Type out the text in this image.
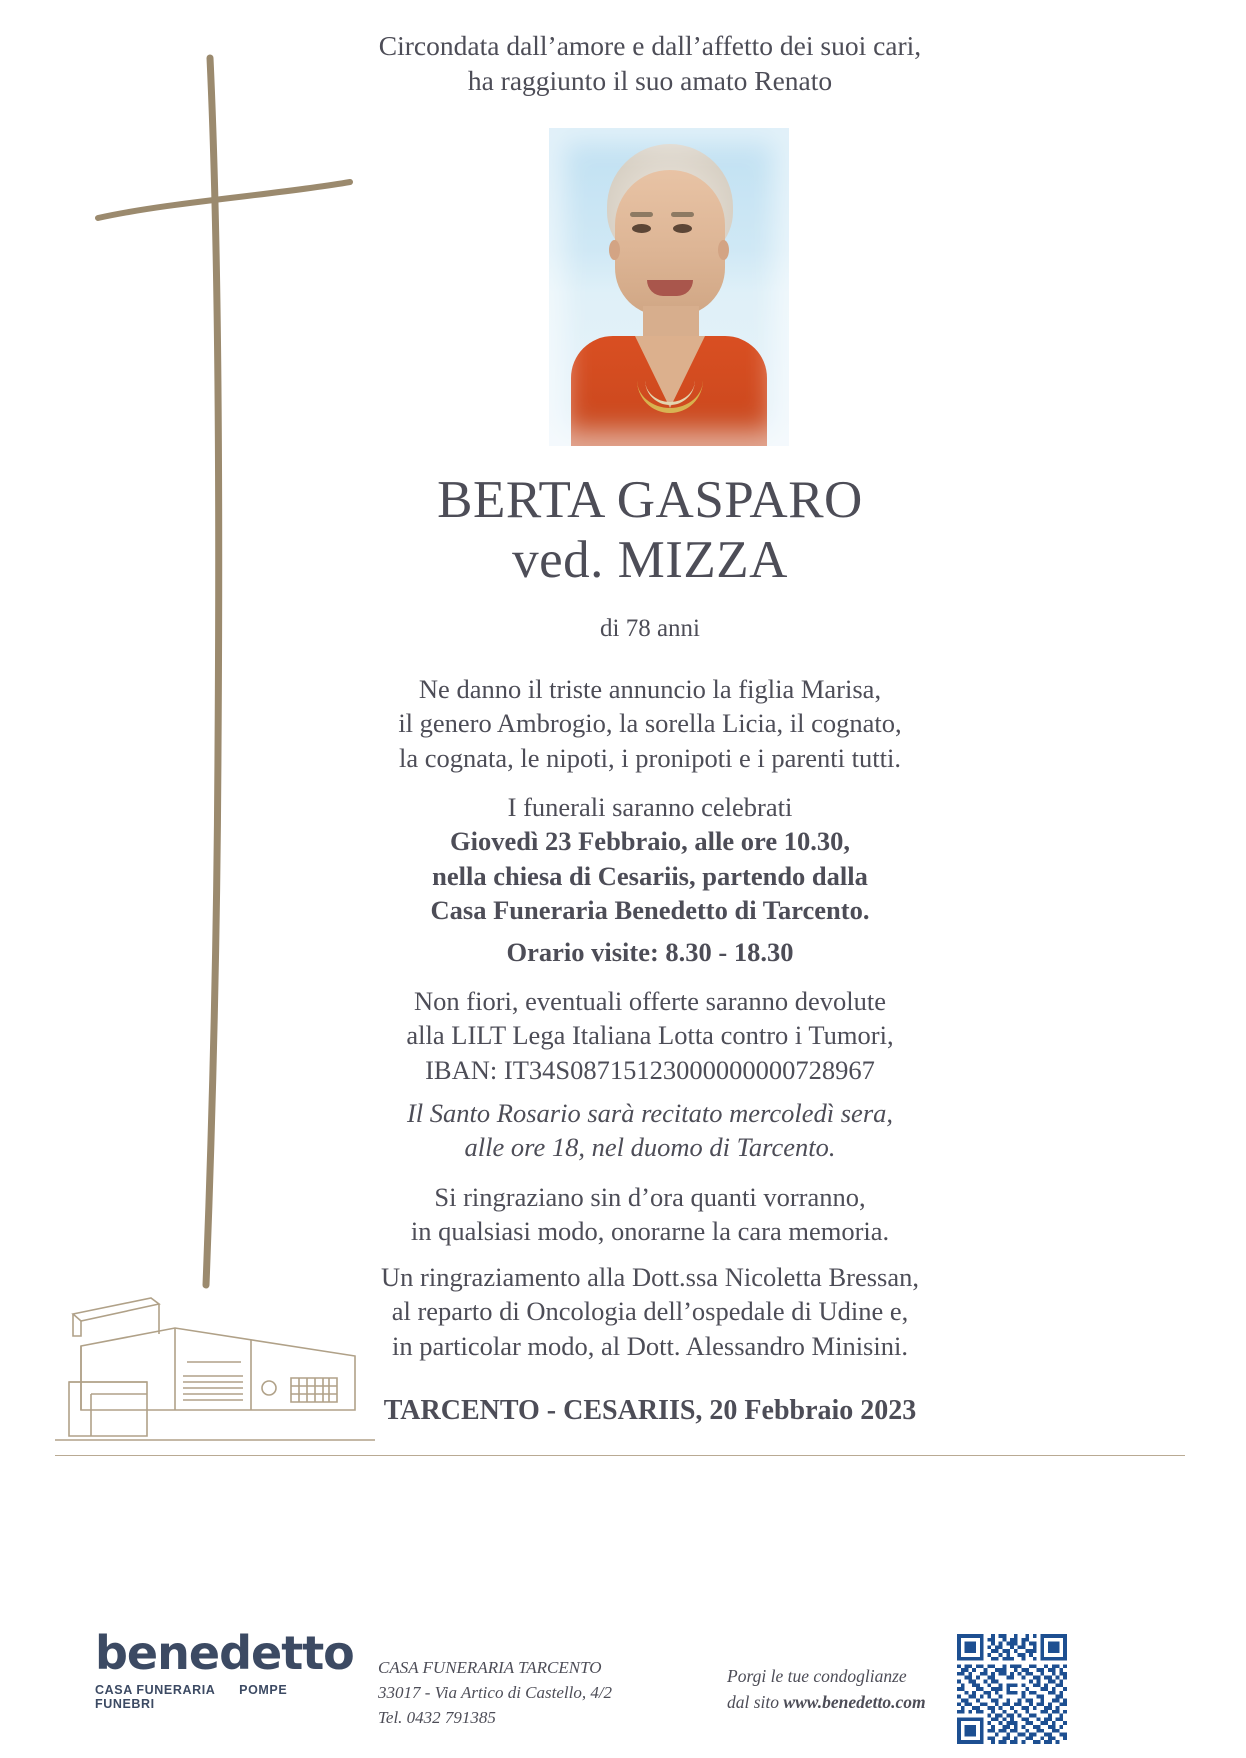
Circondata dall’amore e dall’affetto dei suoi cari,
ha raggiunto il suo amato Renato
BERTA GASPARO
ved. MIZZA
di 78 anni
Ne danno il triste annuncio la figlia Marisa,
il genero Ambrogio, la sorella Licia, il cognato,
la cognata, le nipoti, i pronipoti e i parenti tutti.
I funerali saranno celebrati
Giovedì 23 Febbraio, alle ore 10.30,
nella chiesa di Cesariis, partendo dalla
Casa Funeraria Benedetto di Tarcento.
Orario visite: 8.30 - 18.30
Non fiori, eventuali offerte saranno devolute
alla LILT Lega Italiana Lotta contro i Tumori,
IBAN: IT34S08715123000000000728967
Il Santo Rosario sarà recitato mercoledì sera,
alle ore 18, nel duomo di Tarcento.
Si ringraziano sin d’ora quanti vorranno,
in qualsiasi modo, onorarne la cara memoria.
Un ringraziamento alla Dott.ssa Nicoletta Bressan,
al reparto di Oncologia dell’ospedale di Udine e,
in particolar modo, al Dott. Alessandro Minisini.
TARCENTO - CESARIIS, 20 Febbraio 2023
benedetto
CASA FUNERARIA POMPE FUNEBRI
CASA FUNERARIA TARCENTO
33017 - Via Artico di Castello, 4/2
Tel. 0432 791385
Porgi le tue condoglianze
dal sito www.benedetto.com
